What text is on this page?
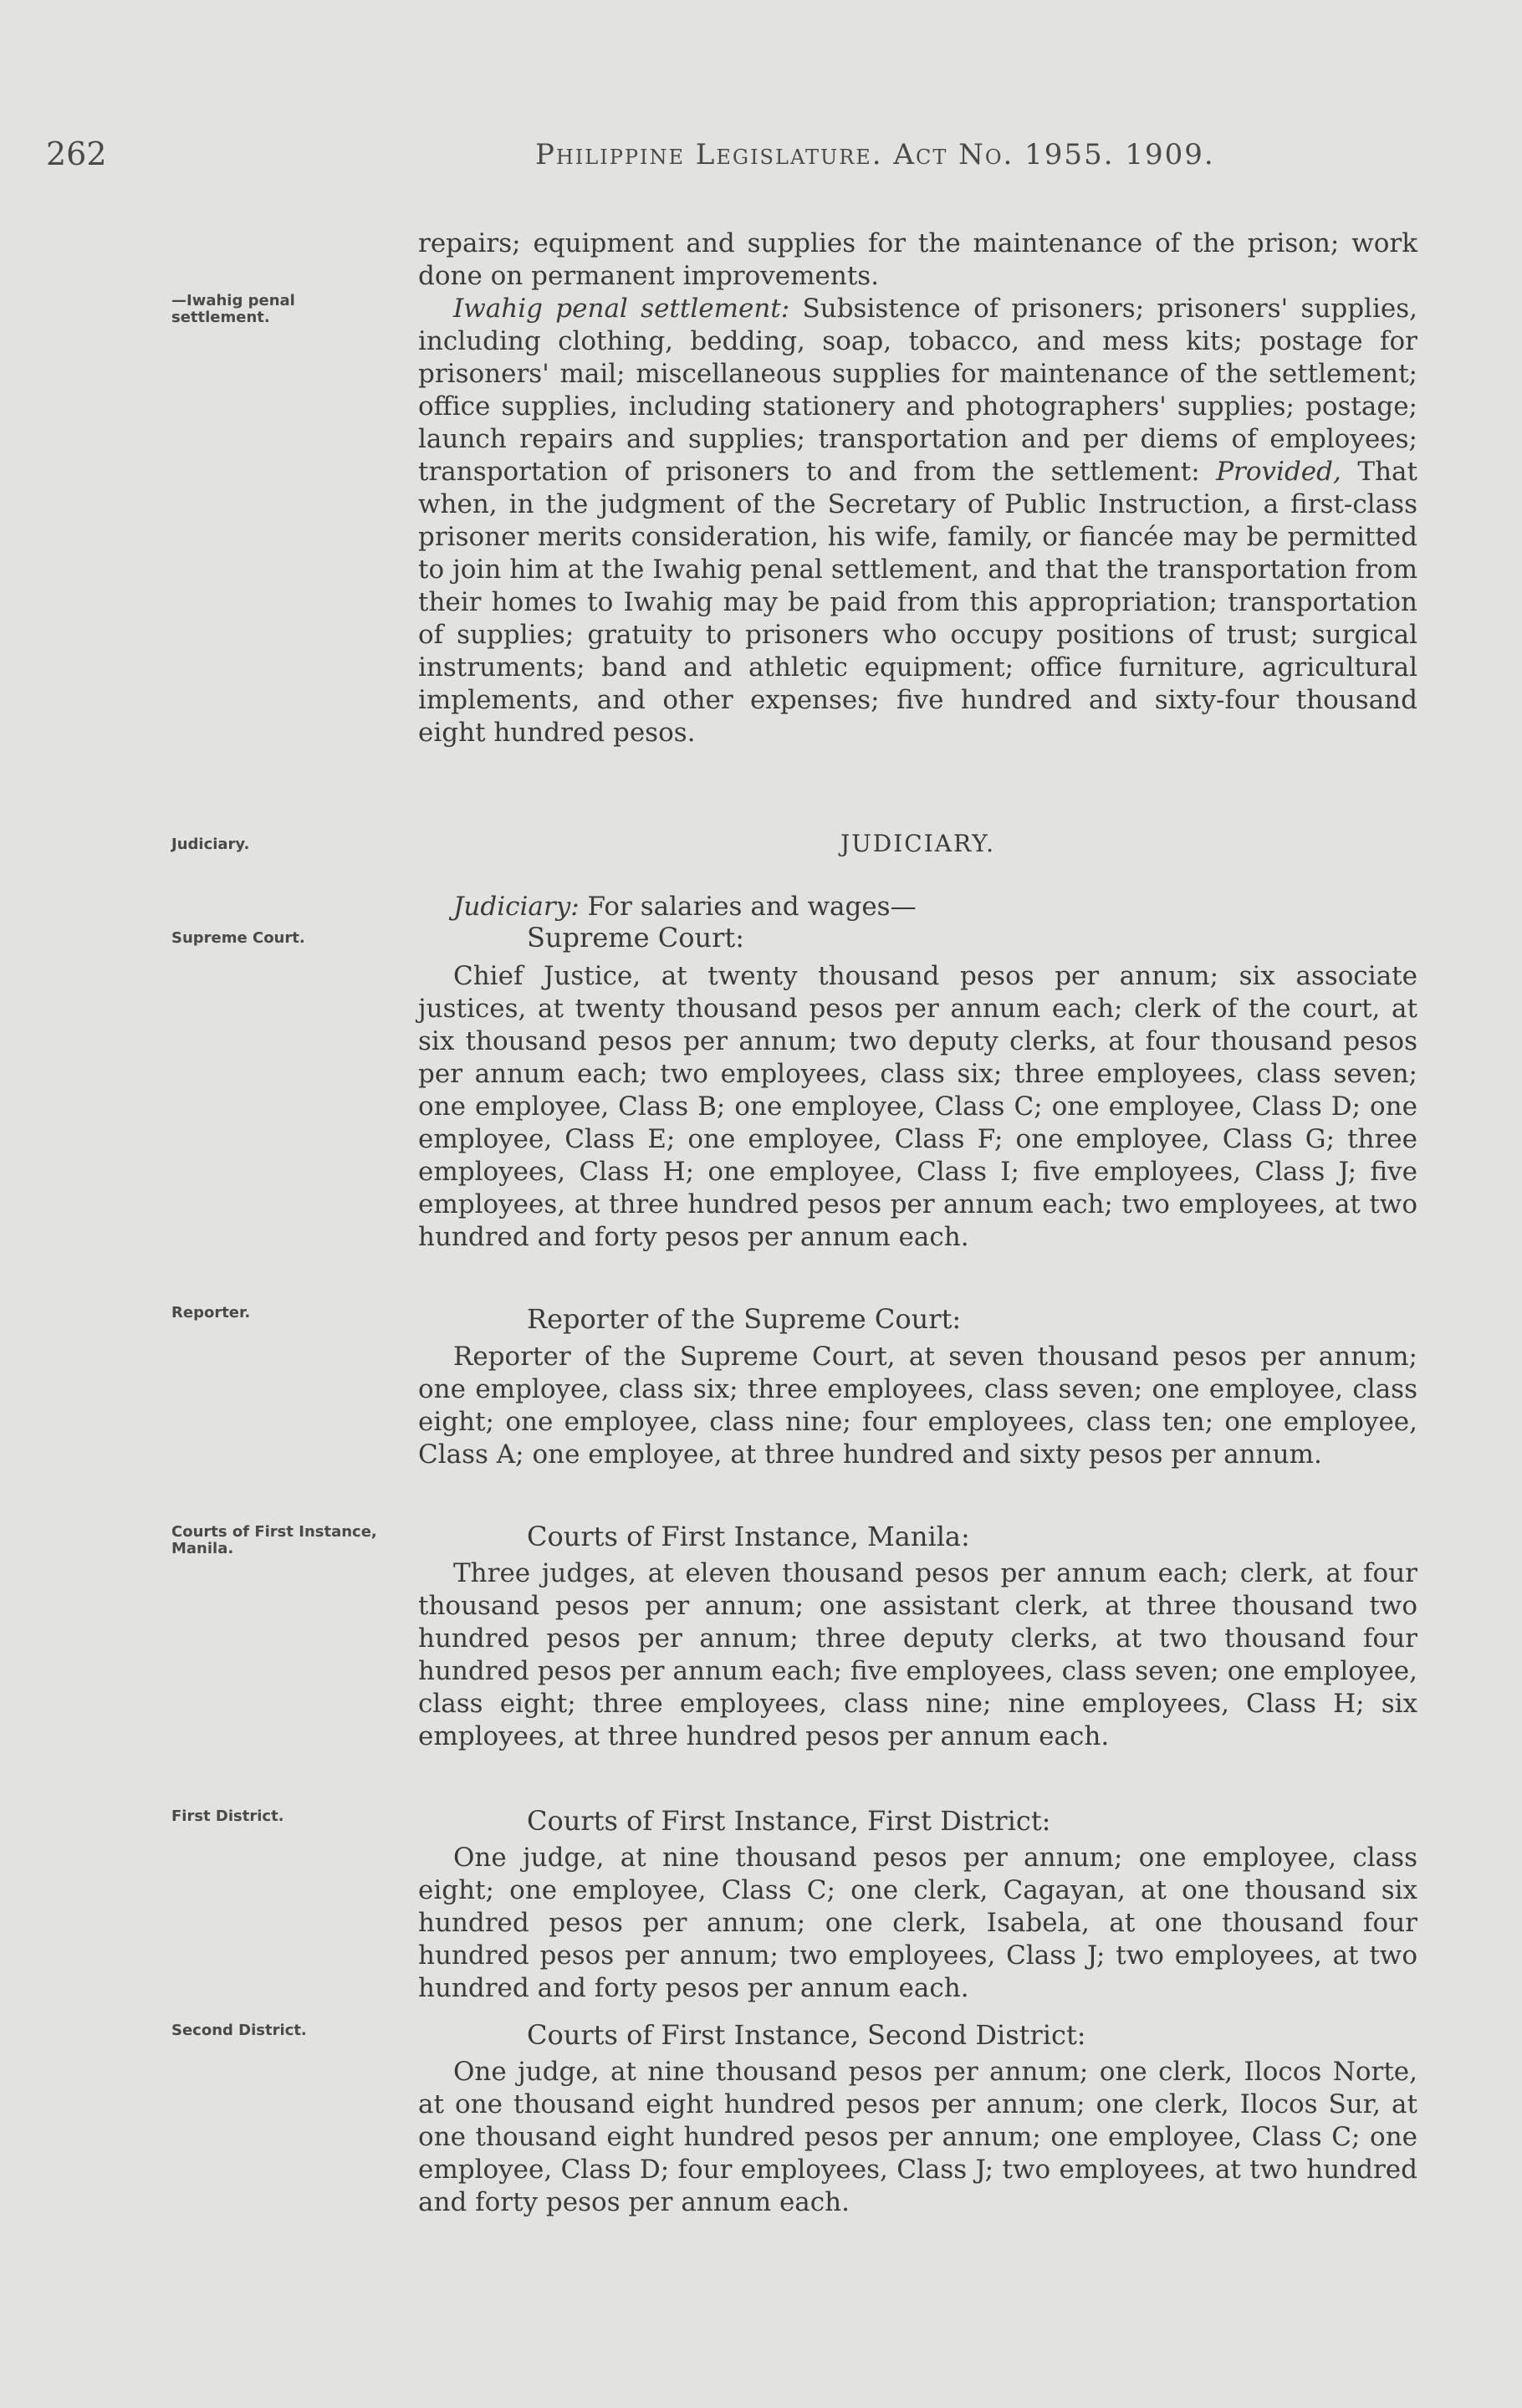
262	Philippine Legislature. Act No. 1955. 1909.
repairs; equipment and supplies for the maintenance of the prison; work done on permanent improvements.
—Iwahig penal settlement.	Iwahig penal settlement: Subsistence of prisoners; prisoners' supplies, including clothing, bedding, soap, tobacco, and mess kits; postage for prisoners' mail; miscellaneous supplies for maintenance of the settlement; office supplies, including stationery and photographers' supplies; postage; launch repairs and supplies; transportation and per diems of employees; transportation of prisoners to and from the settlement: Provided, That when, in the judgment of the Secretary of Public Instruction, a first-class prisoner merits consideration, his wife, family, or fiancée may be permitted to join him at the Iwahig penal settlement, and that the transportation from their homes to Iwahig may be paid from this appropriation; transportation of supplies; gratuity to prisoners who occupy positions of trust; surgical instruments; band and athletic equipment; office furniture, agricultural implements, and other expenses; five hundred and sixty-four thousand eight hundred pesos.
Judiciary.	JUDICIARY.
Judiciary: For salaries and wages—
Supreme Court.	Supreme Court:
Chief Justice, at twenty thousand pesos per annum; six associate justices, at twenty thousand pesos per annum each; clerk of the court, at six thousand pesos per annum; two deputy clerks, at four thousand pesos per annum each; two employees, class six; three employees, class seven; one employee, Class B; one employee, Class C; one employee, Class D; one employee, Class E; one employee, Class F; one employee, Class G; three employees, Class H; one employee, Class I; five employees, Class J; five employees, at three hundred pesos per annum each; two employees, at two hundred and forty pesos per annum each.
Reporter.	Reporter of the Supreme Court:
Reporter of the Supreme Court, at seven thousand pesos per annum; one employee, class six; three employees, class seven; one employee, class eight; one employee, class nine; four employees, class ten; one employee, Class A; one employee, at three hundred and sixty pesos per annum.
Courts of First Instance, Manila.	Courts of First Instance, Manila:
Three judges, at eleven thousand pesos per annum each; clerk, at four thousand pesos per annum; one assistant clerk, at three thousand two hundred pesos per annum; three deputy clerks, at two thousand four hundred pesos per annum each; five employees, class seven; one employee, class eight; three employees, class nine; nine employees, Class H; six employees, at three hundred pesos per annum each.
First District.	Courts of First Instance, First District:
One judge, at nine thousand pesos per annum; one employee, class eight; one employee, Class C; one clerk, Cagayan, at one thousand six hundred pesos per annum; one clerk, Isabela, at one thousand four hundred pesos per annum; two employees, Class J; two employees, at two hundred and forty pesos per annum each.
Second District.	Courts of First Instance, Second District:
One judge, at nine thousand pesos per annum; one clerk, Ilocos Norte, at one thousand eight hundred pesos per annum; one clerk, Ilocos Sur, at one thousand eight hundred pesos per annum; one employee, Class C; one employee, Class D; four employees, Class J; two employees, at two hundred and forty pesos per annum each.
